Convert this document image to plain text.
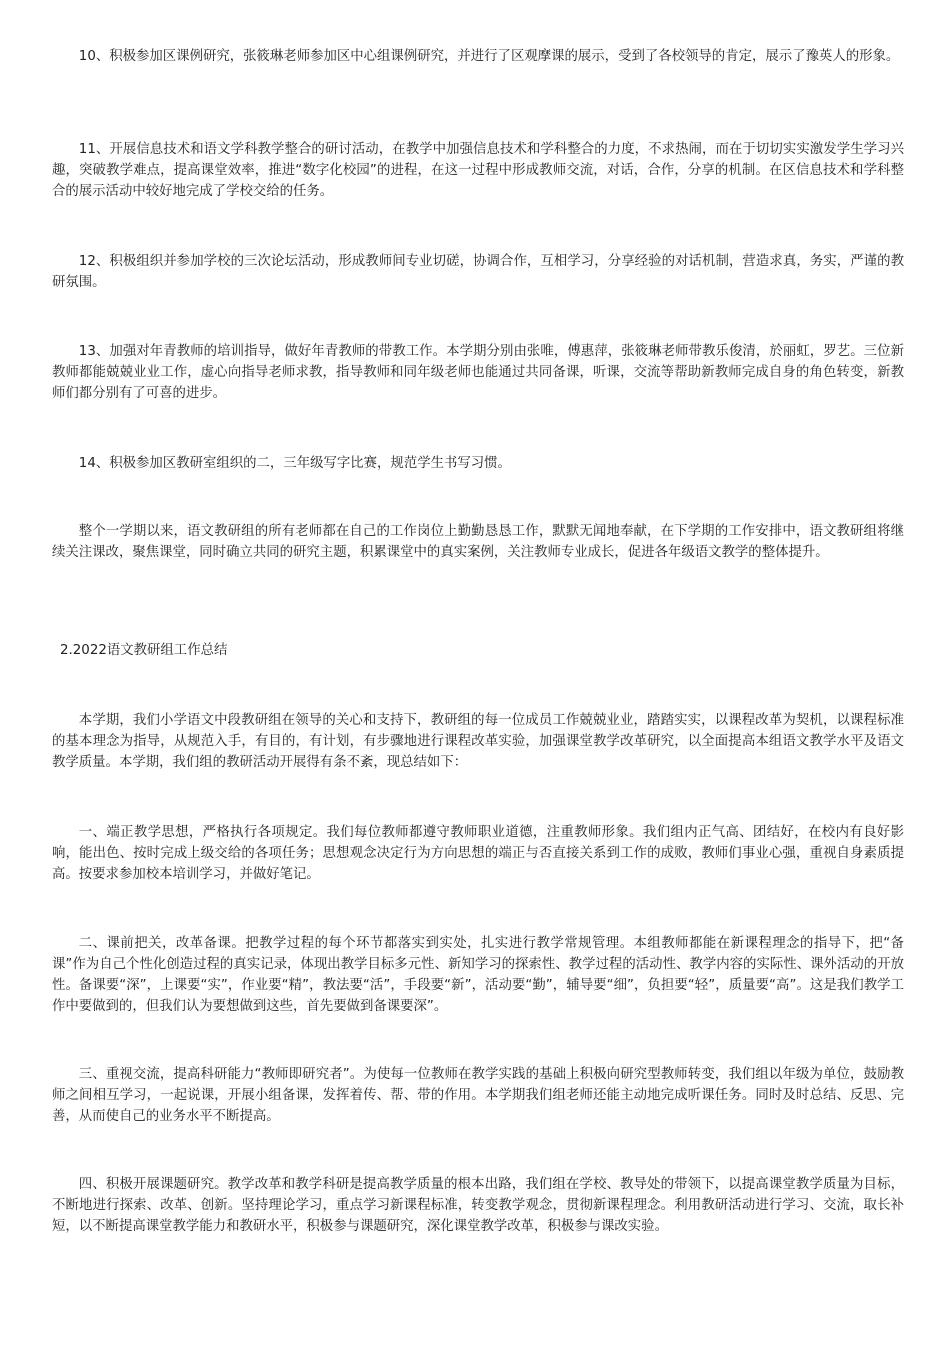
10、积极参加区课例研究，张筱琳老师参加区中心组课例研究，并进行了区观摩课的展示，受到了各校领导的肯定，展示了豫英人的形象。

11、开展信息技术和语文学科教学整合的研讨活动，在教学中加强信息技术和学科整合的力度，不求热闹，而在于切切实实激发学生学习兴趣，突破教学难点，提高课堂效率，推进“数字化校园”的进程，在这一过程中形成教师交流，对话，合作，分享的机制。在区信息技术和学科整合的展示活动中较好地完成了学校交给的任务。

12、积极组织并参加学校的三次论坛活动，形成教师间专业切磋，协调合作，互相学习，分享经验的对话机制，营造求真，务实，严谨的教研氛围。

13、加强对年青教师的培训指导，做好年青教师的带教工作。本学期分别由张唯，傅惠萍，张筱琳老师带教乐俊清，於丽虹，罗艺。三位新教师都能兢兢业业工作，虚心向指导老师求教，指导教师和同年级老师也能通过共同备课，听课，交流等帮助新教师完成自身的角色转变，新教师们都分别有了可喜的进步。

14、积极参加区教研室组织的二，三年级写字比赛，规范学生书写习惯。

整个一学期以来，语文教研组的所有老师都在自己的工作岗位上勤勤恳恳工作，默默无闻地奉献，在下学期的工作安排中，语文教研组将继续关注课改，聚焦课堂，同时确立共同的研究主题，积累课堂中的真实案例，关注教师专业成长，促进各年级语文教学的整体提升。

2.2022语文教研组工作总结

本学期，我们小学语文中段教研组在领导的关心和支持下，教研组的每一位成员工作兢兢业业，踏踏实实，以课程改革为契机，以课程标准的基本理念为指导，从规范入手，有目的，有计划，有步骤地进行课程改革实验，加强课堂教学改革研究，以全面提高本组语文教学水平及语文教学质量。本学期，我们组的教研活动开展得有条不紊，现总结如下：

一、端正教学思想，严格执行各项规定。我们每位教师都遵守教师职业道德，注重教师形象。我们组内正气高、团结好，在校内有良好影响，能出色、按时完成上级交给的各项任务；思想观念决定行为方向思想的端正与否直接关系到工作的成败，教师们事业心强，重视自身素质提高。按要求参加校本培训学习，并做好笔记。

二、课前把关，改革备课。把教学过程的每个环节都落实到实处，扎实进行教学常规管理。本组教师都能在新课程理念的指导下，把“备课”作为自己个性化创造过程的真实记录，体现出教学目标多元性、新知学习的探索性、教学过程的活动性、教学内容的实际性、课外活动的开放性。备课要“深”，上课要“实”，作业要“精”，教法要“活”，手段要“新”，活动要“勤”，辅导要“细”，负担要“轻”，质量要“高”。这是我们教学工作中要做到的，但我们认为要想做到这些，首先要做到备课要深”。

三、重视交流，提高科研能力“教师即研究者”。为使每一位教师在教学实践的基础上积极向研究型教师转变，我们组以年级为单位，鼓励教师之间相互学习，一起说课，开展小组备课，发挥着传、帮、带的作用。本学期我们组老师还能主动地完成听课任务。同时及时总结、反思、完善，从而使自己的业务水平不断提高。

四、积极开展课题研究。教学改革和教学科研是提高教学质量的根本出路，我们组在学校、教导处的带领下，以提高课堂教学质量为目标，不断地进行探索、改革、创新。坚持理论学习，重点学习新课程标准，转变教学观念，贯彻新课程理念。利用教研活动进行学习、交流，取长补短，以不断提高课堂教学能力和教研水平，积极参与课题研究，深化课堂教学改革，积极参与课改实验。
